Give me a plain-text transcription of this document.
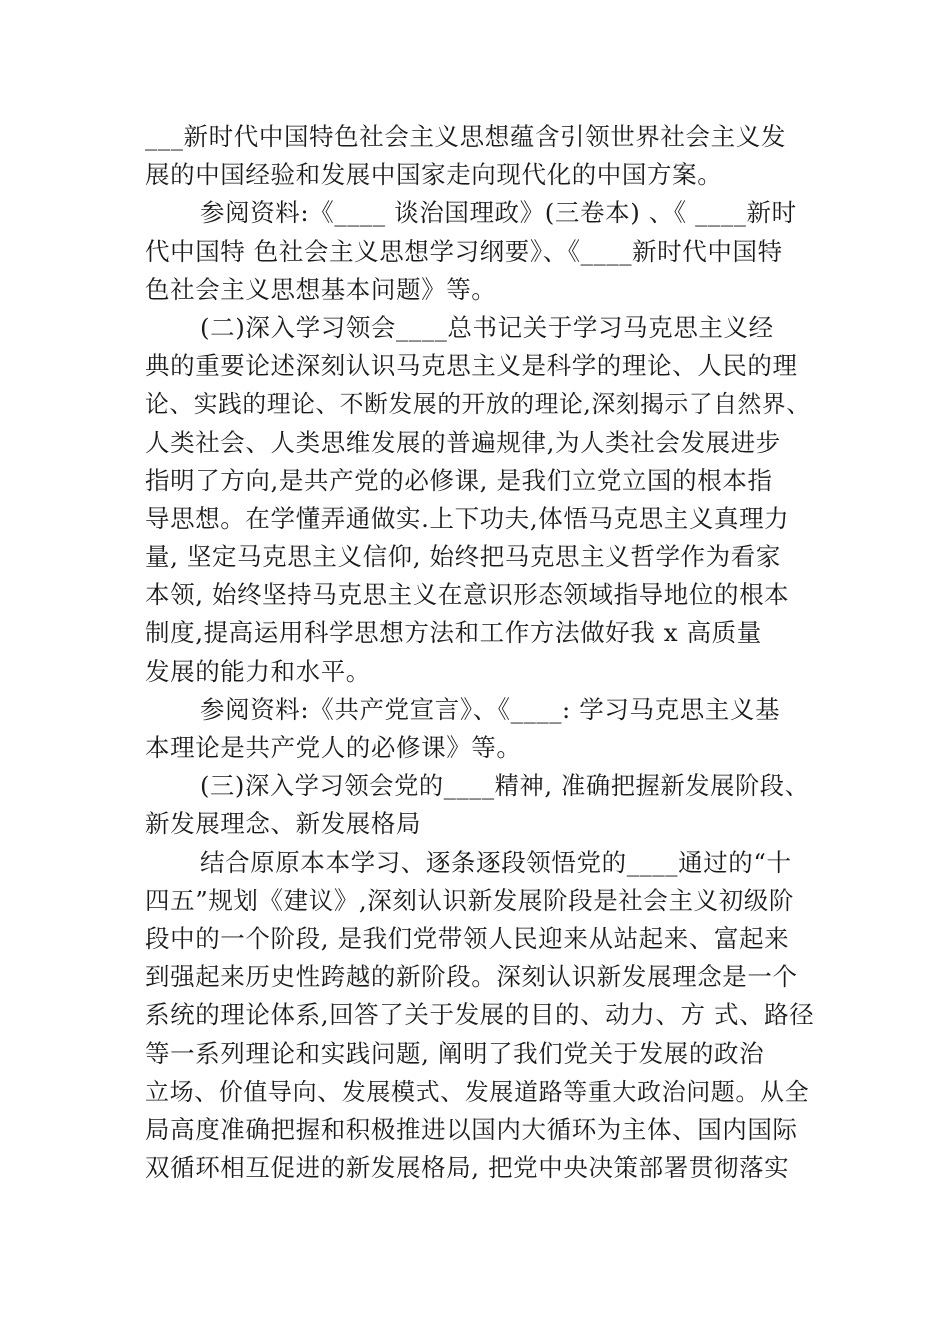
___新时代中国特色社会主义思想蕴含引领世界社会主义发
展的中国经验和发展中国家走向现代化的中国方案。
参阅资料:《____ 谈治国理政》(三卷本) 、《 ____新时
代中国特 色社会主义思想学习纲要》、《____新时代中国特
色社会主义思想基本问题》等。
(二)深入学习领会____总书记关于学习马克思主义经
典的重要论述深刻认识马克思主义是科学的理论、人民的理
论、实践的理论、不断发展的开放的理论,深刻揭示了自然界、
人类社会、人类思维发展的普遍规律,为人类社会发展进步
指明了方向,是共产党的必修课, 是我们立党立国的根本指
导思想。在学懂弄通做实.上下功夫,体悟马克思主义真理力
量, 坚定马克思主义信仰, 始终把马克思主义哲学作为看家
本领, 始终坚持马克思主义在意识形态领域指导地位的根本
制度,提高运用科学思想方法和工作方法做好我 x 高质量
发展的能力和水平。
参阅资料:《共产党宣言》、《____: 学习马克思主义基
本理论是共产党人的必修课》等。
(三)深入学习领会党的____精神, 准确把握新发展阶段、
新发展理念、新发展格局
结合原原本本学习、逐条逐段领悟党的____通过的“十
四五”规划《建议》,深刻认识新发展阶段是社会主义初级阶
段中的一个阶段, 是我们党带领人民迎来从站起来、富起来
到强起来历史性跨越的新阶段。深刻认识新发展理念是一个
系统的理论体系,回答了关于发展的目的、动力、方 式、路径
等一系列理论和实践问题, 阐明了我们党关于发展的政治
立场、价值导向、发展模式、发展道路等重大政治问题。从全
局高度准确把握和积极推进以国内大循环为主体、国内国际
双循环相互促进的新发展格局, 把党中央决策部署贯彻落实
